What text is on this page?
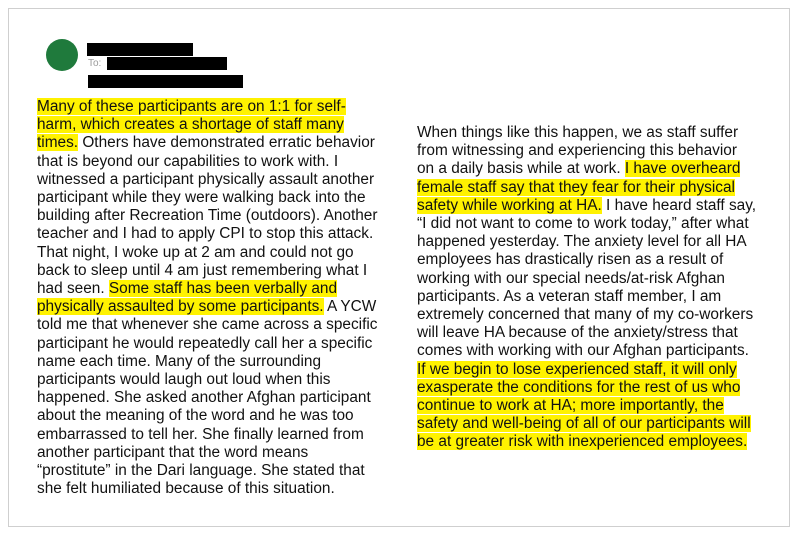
To:

Many of these participants are on 1:1 for self-harm, which creates a shortage of staff many times. Others have demonstrated erratic behavior that is beyond our capabilities to work with. I witnessed a participant physically assault another participant while they were walking back into the building after Recreation Time (outdoors). Another teacher and I had to apply CPI to stop this attack. That night, I woke up at 2 am and could not go back to sleep until 4 am just remembering what I had seen. Some staff has been verbally and physically assaulted by some participants. A YCW told me that whenever she came across a specific participant he would repeatedly call her a specific name each time. Many of the surrounding participants would laugh out loud when this happened. She asked another Afghan participant about the meaning of the word and he was too embarrassed to tell her. She finally learned from another participant that the word means “prostitute” in the Dari language. She stated that she felt humiliated because of this situation.

When things like this happen, we as staff suffer from witnessing and experiencing this behavior on a daily basis while at work. I have overheard female staff say that they fear for their physical safety while working at HA. I have heard staff say, “I did not want to come to work today,” after what happened yesterday. The anxiety level for all HA employees has drastically risen as a result of working with our special needs/at-risk Afghan participants. As a veteran staff member, I am extremely concerned that many of my co-workers will leave HA because of the anxiety/stress that comes with working with our Afghan participants. If we begin to lose experienced staff, it will only exasperate the conditions for the rest of us who continue to work at HA; more importantly, the safety and well-being of all of our participants will be at greater risk with inexperienced employees.
